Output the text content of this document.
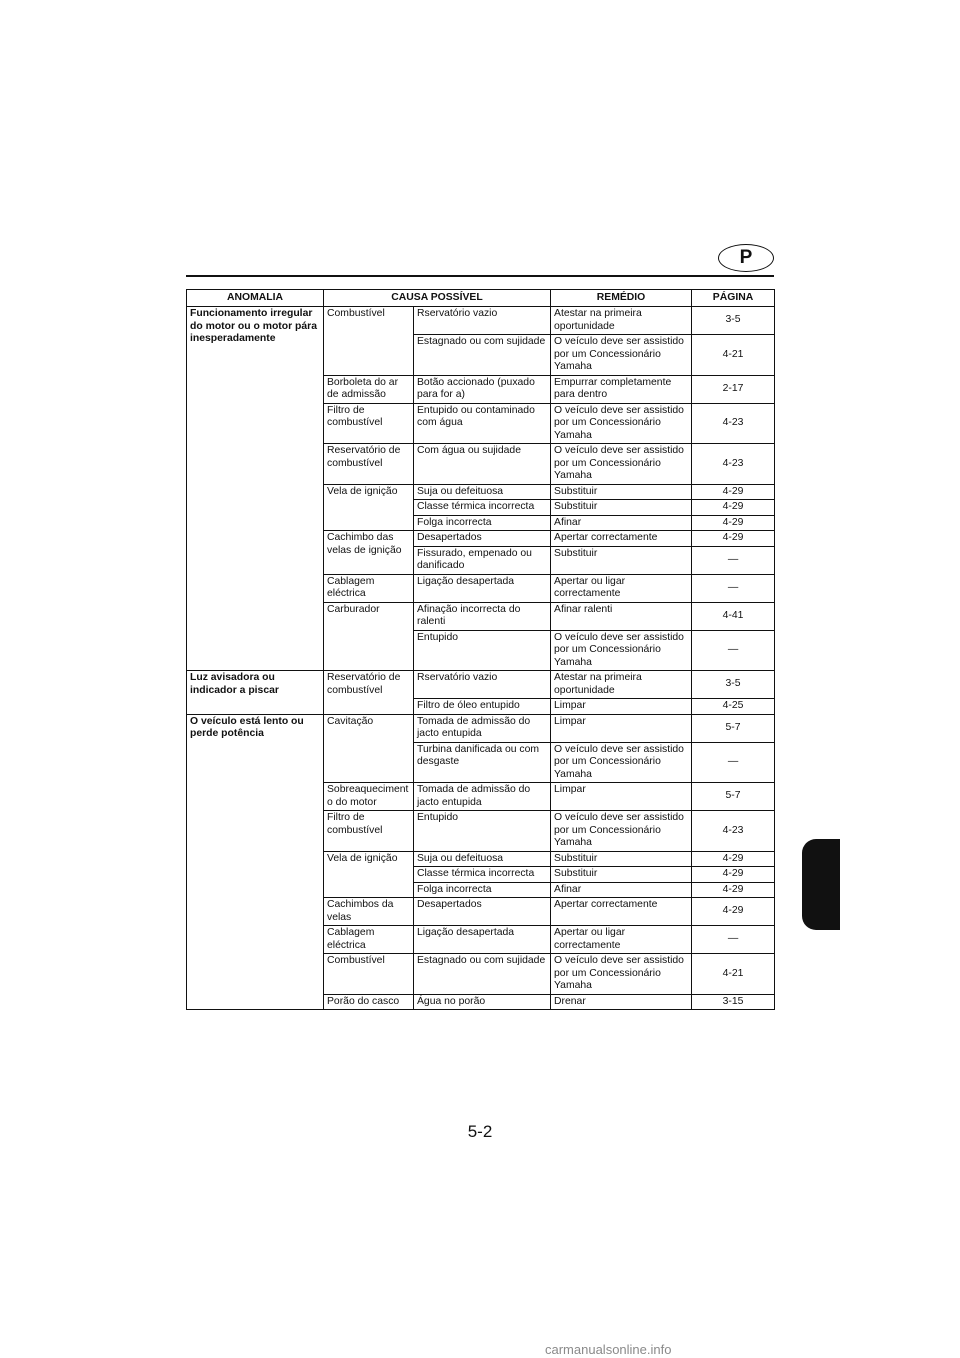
P
ANOMALIA	CAUSA POSSÍVEL		REMÉDIO	PÁGINA
Funcionamento irregular do motor ou o motor pára inesperadamente	Combustível	Rservatório vazio	Atestar na primeira oportunidade	3-5
		Estagnado ou com sujidade	O veículo deve ser assistido por um Concessionário Yamaha	4-21
	Borboleta do ar de admissão	Botão accionado (puxado para for a)	Empurrar completamente para dentro	2-17
	Filtro de combustível	Entupido ou contaminado com água	O veículo deve ser assistido por um Concessionário Yamaha	4-23
	Reservatório de combustível	Com água ou sujidade	O veículo deve ser assistido por um Concessionário Yamaha	4-23
	Vela de ignição	Suja ou defeituosa	Substituir	4-29
		Classe térmica incorrecta	Substituir	4-29
		Folga incorrecta	Afinar	4-29
	Cachimbo das velas de ignição	Desapertados	Apertar correctamente	4-29
		Fissurado, empenado ou danificado	Substituir	—
	Cablagem eléctrica	Ligação desapertada	Apertar ou ligar correctamente	—
	Carburador	Afinação incorrecta do ralenti	Afinar ralenti	4-41
		Entupido	O veículo deve ser assistido por um Concessionário Yamaha	—
Luz avisadora ou indicador a piscar	Reservatório de combustível	Rservatório vazio	Atestar na primeira oportunidade	3-5
		Filtro de óleo entupido	Limpar	4-25
O veículo está lento ou perde potência	Cavitação	Tomada de admissão do jacto entupida	Limpar	5-7
		Turbina danificada ou com desgaste	O veículo deve ser assistido por um Concessionário Yamaha	—
	Sobreaquecimento do motor	Tomada de admissão do jacto entupida	Limpar	5-7
	Filtro de combustível	Entupido	O veículo deve ser assistido por um Concessionário Yamaha	4-23
	Vela de ignição	Suja ou defeituosa	Substituir	4-29
		Classe térmica incorrecta	Substituir	4-29
		Folga incorrecta	Afinar	4-29
	Cachimbos da velas	Desapertados	Apertar correctamente	4-29
	Cablagem eléctrica	Ligação desapertada	Apertar ou ligar correctamente	—
	Combustível	Estagnado ou com sujidade	O veículo deve ser assistido por um Concessionário Yamaha	4-21
	Porão do casco	Água no porão	Drenar	3-15
5-2
carmanualsonline.info
